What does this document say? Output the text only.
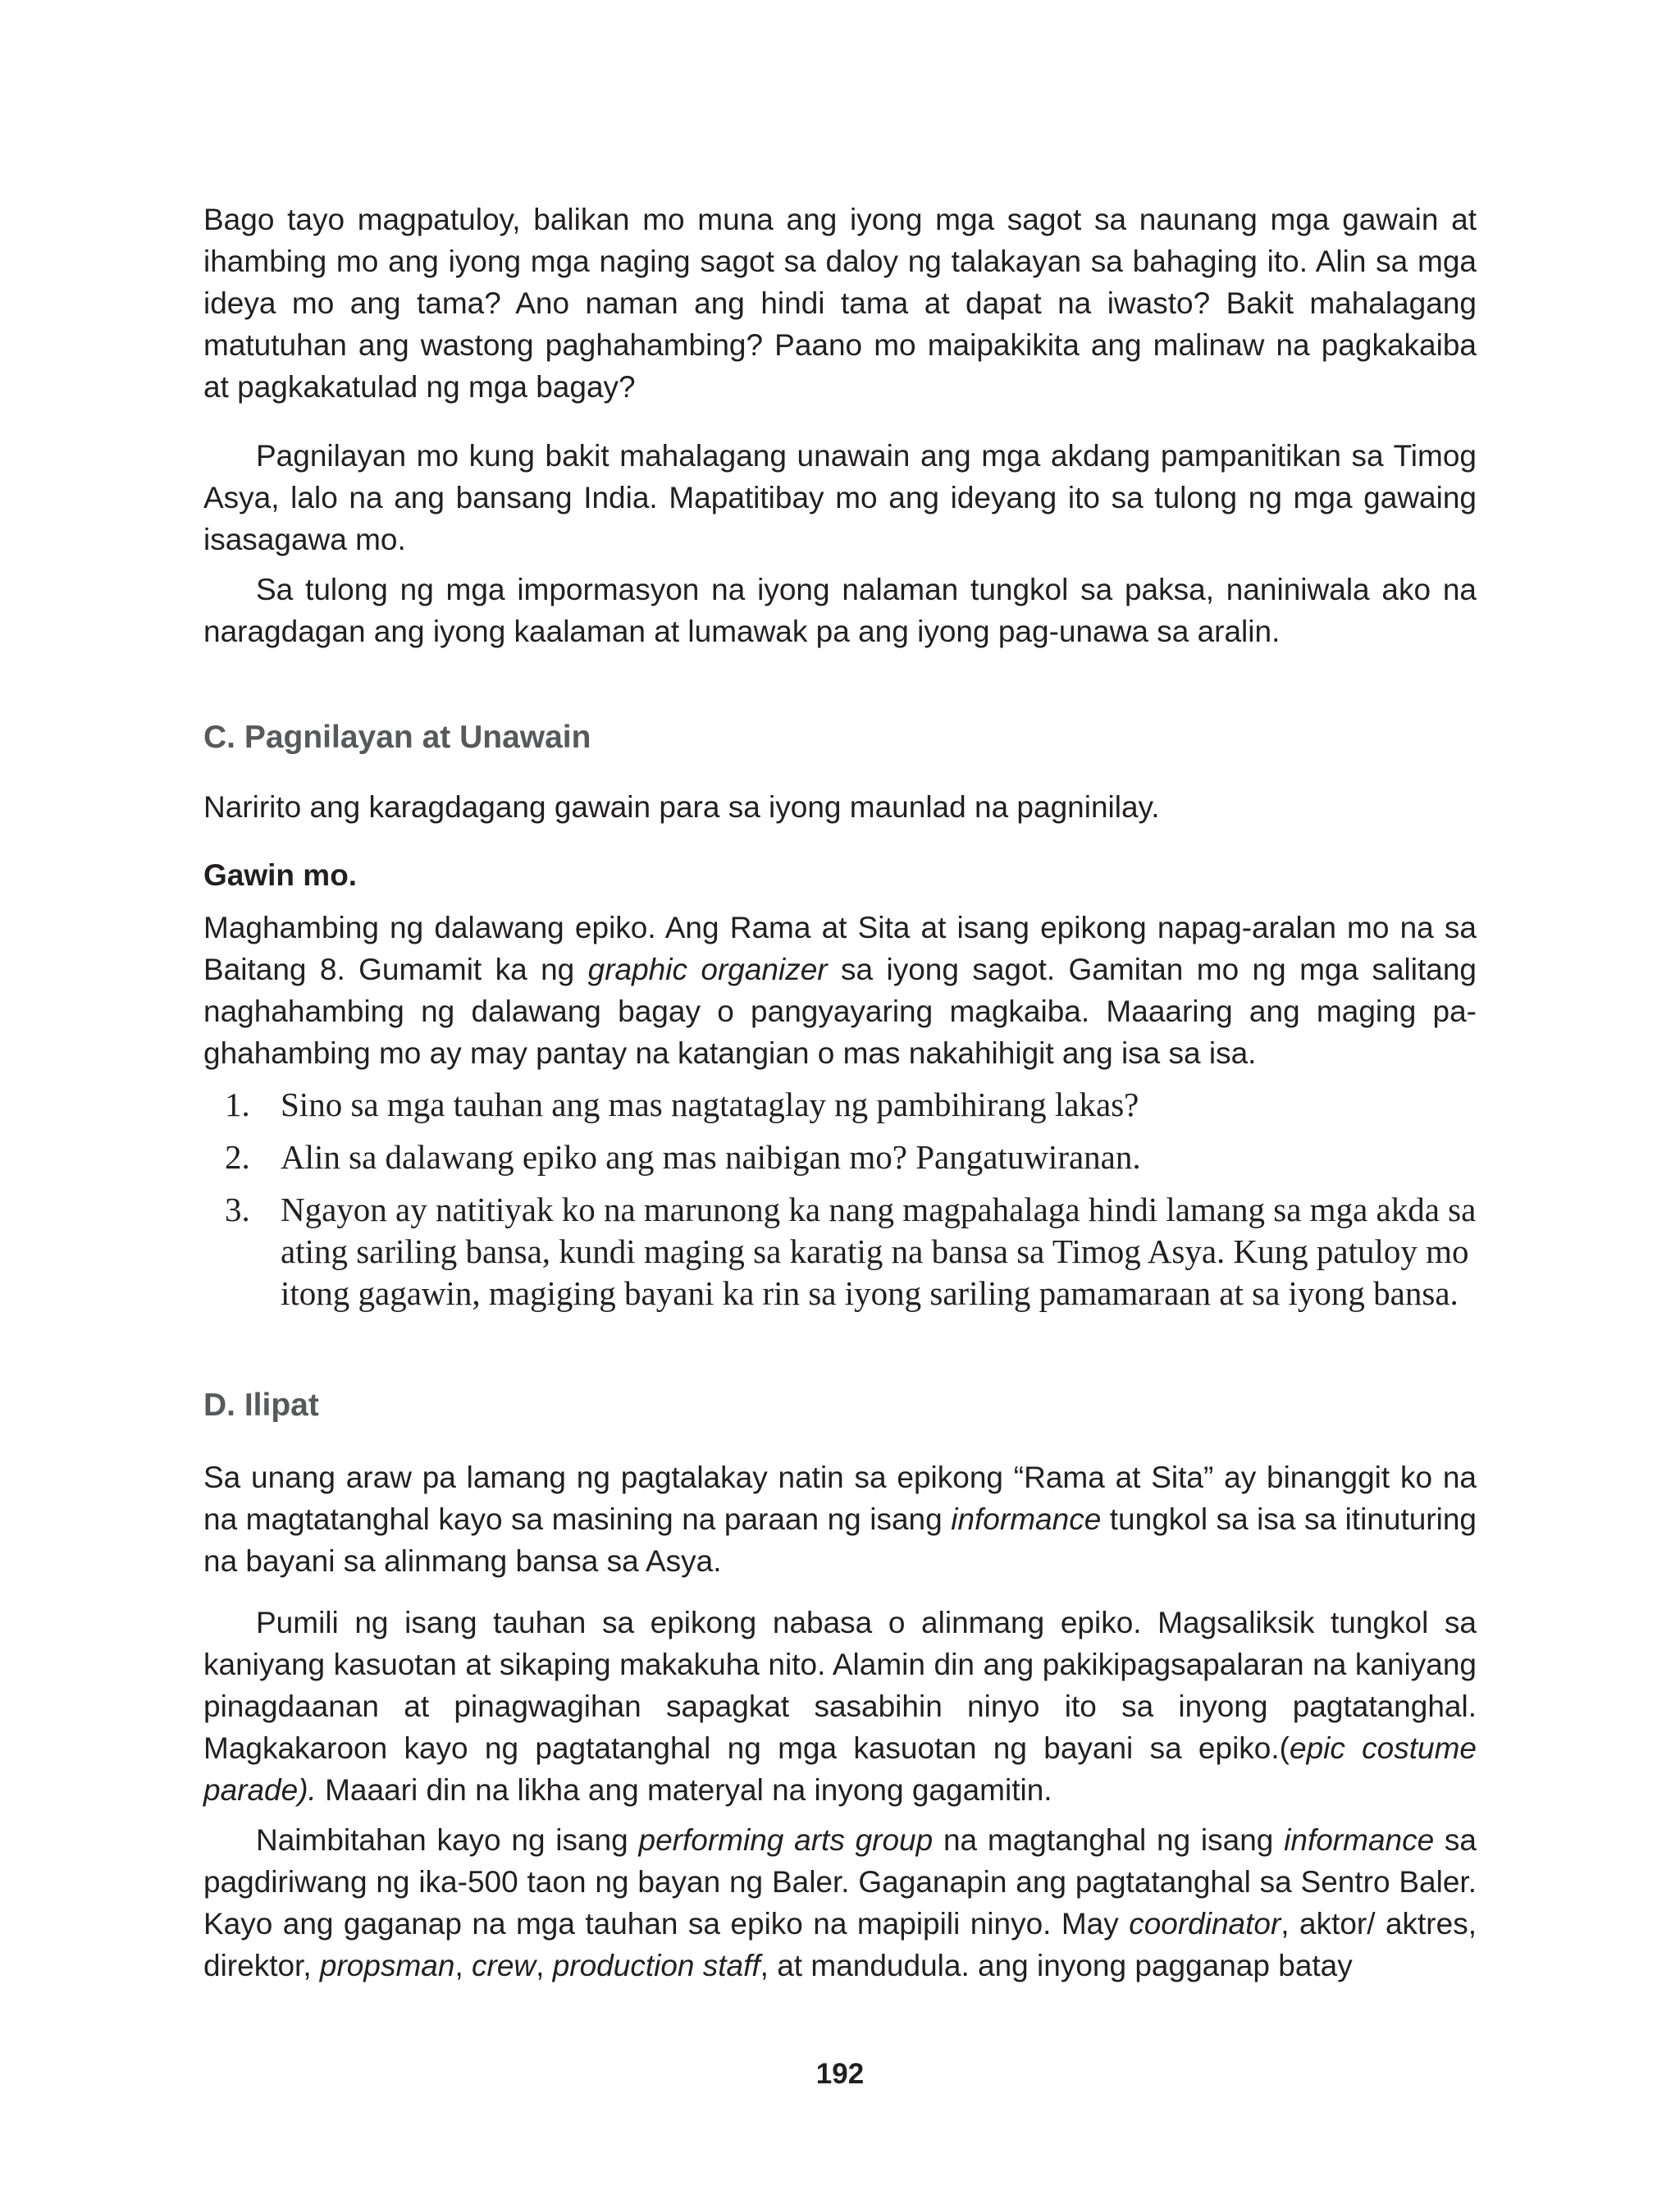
Bago tayo magpatuloy, balikan mo muna ang iyong mga sagot sa naunang mga gawain at ihambing mo ang iyong mga naging sagot sa daloy ng talakayan sa bahaging ito. Alin sa mga ideya mo ang tama? Ano naman ang hindi tama at dapat na iwasto? Bakit mahalagang matutuhan ang wastong paghahambing? Paano mo maipakikita ang malinaw na pagkakaiba at pagkakatulad ng mga bagay?

Pagnilayan mo kung bakit mahalagang unawain ang mga akdang pampanitikan sa Timog Asya, lalo na ang bansang India. Mapatitibay mo ang ideyang ito sa tulong ng mga gawaing isasagawa mo.

Sa tulong ng mga impormasyon na iyong nalaman tungkol sa paksa, naniniwala ako na naragdagan ang iyong kaalaman at lumawak pa ang iyong pag-unawa sa aralin.

C. Pagnilayan at Unawain

Naririto ang karagdagang gawain para sa iyong maunlad na pagninilay.

Gawin mo.

Maghambing ng dalawang epiko. Ang Rama at Sita at isang epikong napag-aralan mo na sa Baitang 8. Gumamit ka ng graphic organizer sa iyong sagot. Gamitan mo ng mga salitang naghahambing ng dalawang bagay o pangyayaring magkaiba. Maaaring ang maging pa-ghahambing mo ay may pantay na katangian o mas nakahihigit ang isa sa isa.

1. Sino sa mga tauhan ang mas nagtataglay ng pambihirang lakas?
2. Alin sa dalawang epiko ang mas naibigan mo? Pangatuwiranan.
3. Ngayon ay natitiyak ko na marunong ka nang magpahalaga hindi lamang sa mga akda sa ating sariling bansa, kundi maging sa karatig na bansa sa Timog Asya. Kung patuloy mo itong gagawin, magiging bayani ka rin sa iyong sariling pamamaraan at sa iyong bansa.
D. Ilipat

Sa unang araw pa lamang ng pagtalakay natin sa epikong “Rama at Sita” ay binanggit ko na na magtatanghal kayo sa masining na paraan ng isang informance tungkol sa isa sa itinuturing na bayani sa alinmang bansa sa Asya.

Pumili ng isang tauhan sa epikong nabasa o alinmang epiko. Magsaliksik tungkol sa kaniyang kasuotan at sikaping makakuha nito. Alamin din ang pakikipagsapalaran na kaniyang pinagdaanan at pinagwagihan sapagkat sasabihin ninyo ito sa inyong pagtatanghal. Magkakaroon kayo ng pagtatanghal ng mga kasuotan ng bayani sa epiko.(epic costume parade). Maaari din na likha ang materyal na inyong gagamitin.

Naimbitahan kayo ng isang performing arts group na magtanghal ng isang informance sa pagdiriwang ng ika-500 taon ng bayan ng Baler. Gaganapin ang pagtatanghal sa Sentro Baler. Kayo ang gaganap na mga tauhan sa epiko na mapipili ninyo. May coordinator, aktor/ aktres, direktor, propsman, crew, production staff, at mandudula. ang inyong pagganap batay

192
